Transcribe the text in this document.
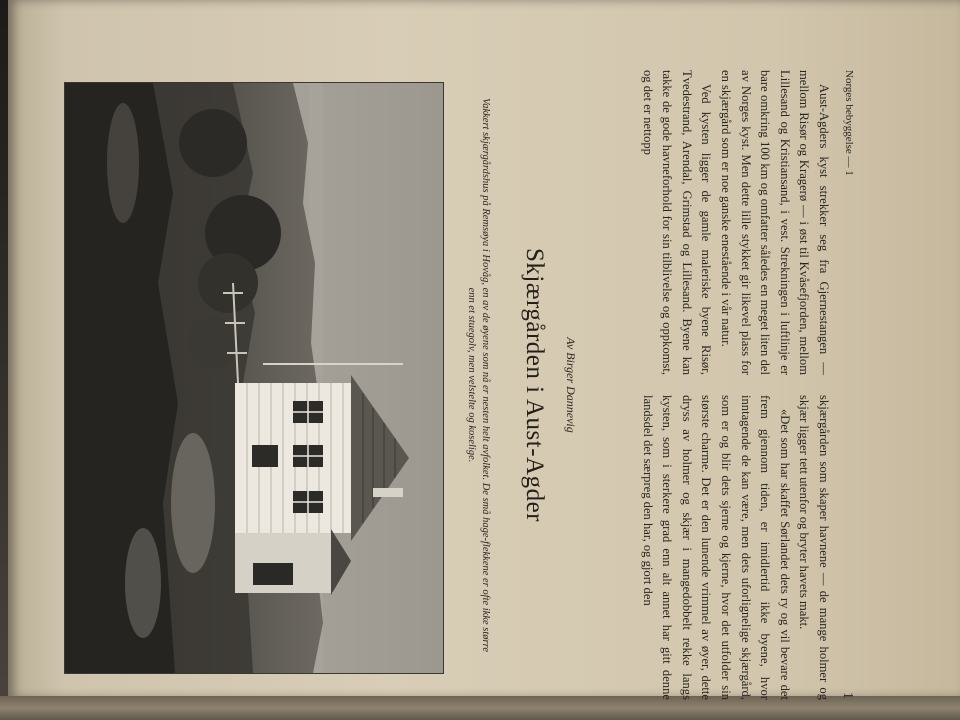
Vakkert skjærgårdshus på Remsøya i Hovåg, en av de øyene som nå er nesten helt avfolket. De små hage-flekkene er ofte ikke større enn et stuegolv, men velstelte og koselige.	Skjærgården i Aust-Agder Av Birger Dannevig

Aust-Agders kyst strekker seg fra Gjernestangen — mellom Risør og Kragerø — i øst til Kvåsefjorden, mellom Lillesand og Kristiansand, i vest. Strekningen i luftlinje er bare omkring 100 km og omfatter således en meget liten del av Norges kyst. Men dette lille stykket gir likevel plass for en skjærgård som er noe ganske enestående i vår natur.

Ved kysten ligger de gamle maleriske byene Risør, Tvedestrand, Arendal, Grimstad og Lillesand. Byene kan takke de gode havneforhold for sin tilblivelse og oppkomst, og det er nettopp

skjærgården som skaper havnene — de mange holmer og skjær ligger tett utenfor og bryter havets makt.

«Det som har skaffet Sørlandet dets ry og vil bevare det frem gjennom tiden, er imidlertid ikke byene, hvor inntagende de kan være, men dets uforlignelige skjærgård, som er og blir dets sjerne og kjerne, hvor det utfolder sin største charme. Det er den lunende vrimmel av øyer, dette dryss av holmer og skjær i mangedobbelt rekke langs kysten, som i sterkere grad enn alt annet har gitt denne landsdel det særpreg den har, og gjort den

Norges bebyggelse — 1
1
